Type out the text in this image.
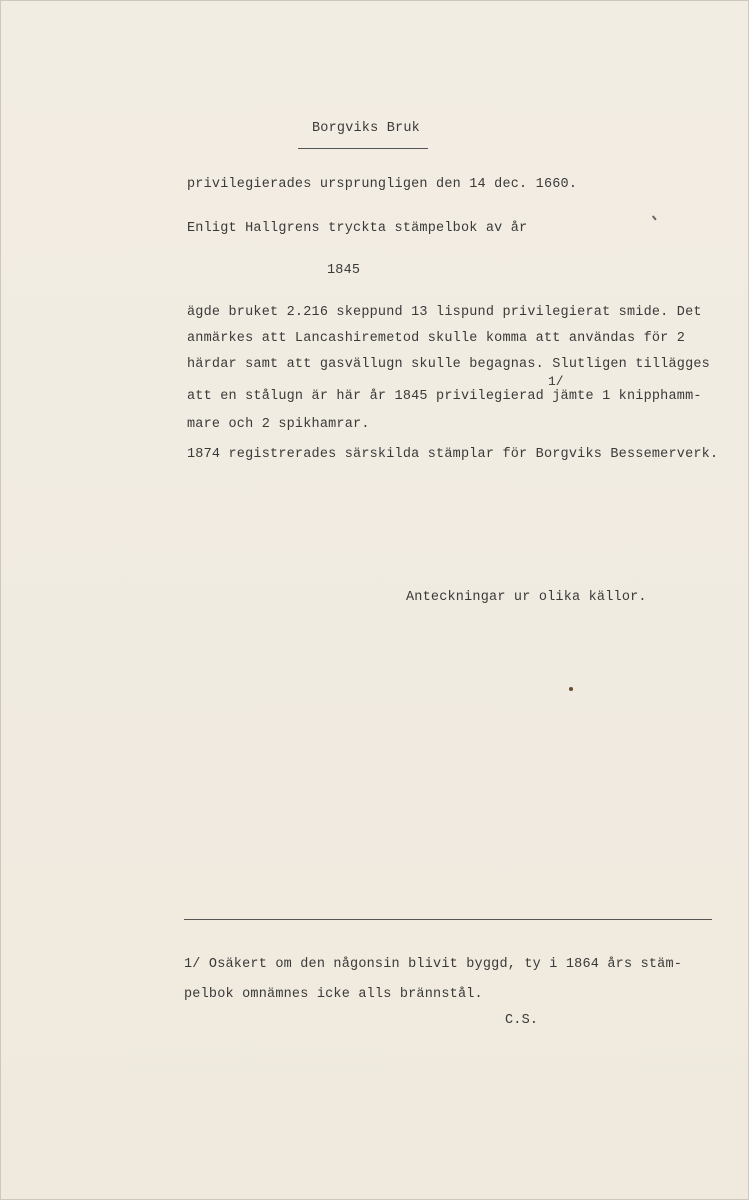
Borgviks Bruk
privilegierades ursprungligen den 14 dec. 1660.
Enligt Hallgrens tryckta stämpelbok av år
1845
ägde bruket 2.216 skeppund 13 lispund privilegierat smide. Det
anmärkes att Lancashiremetod skulle komma att användas för 2
härdar samt att gasvällugn skulle begagnas. Slutligen tillägges
1/
att en stålugn är här år 1845 privilegierad jämte 1 knipphamm-
mare och 2 spikhamrar.
1874 registrerades särskilda stämplar för Borgviks Bessemerverk.
Anteckningar ur olika källor.
1/ Osäkert om den någonsin blivit byggd, ty i 1864 års stäm-
pelbok omnämnes icke alls brännstål.
C.S.
